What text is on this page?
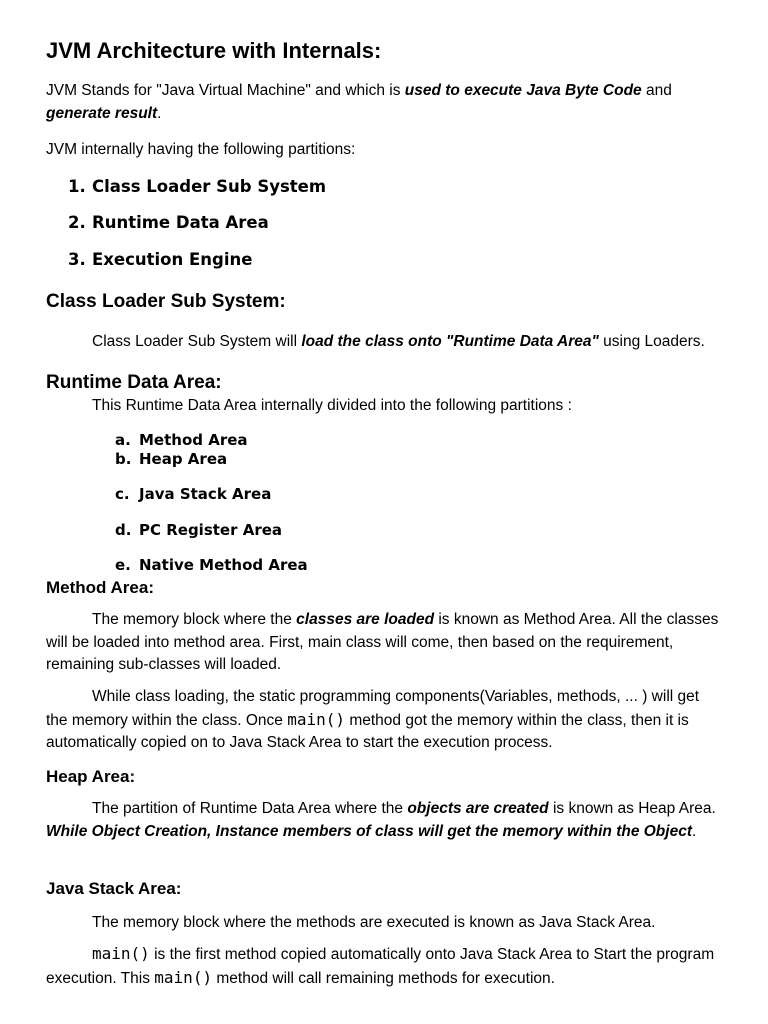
JVM Architecture with Internals:

JVM Stands for "Java Virtual Machine" and which is used to execute Java Byte Code and generate result.

JVM internally having the following partitions:

1. Class Loader Sub System
2. Runtime Data Area
3. Execution Engine
Class Loader Sub System:

Class Loader Sub System will load the class onto "Runtime Data Area" using Loaders.

Runtime Data Area:

This Runtime Data Area internally divided into the following partitions :

a. Method Area
b. Heap Area
c. Java Stack Area
d. PC Register Area
e. Native Method Area
Method Area:

The memory block where the classes are loaded is known as Method Area. All the classes will be loaded into method area. First, main class will come, then based on the requirement, remaining sub-classes will loaded.

While class loading, the static programming components(Variables, methods, ... ) will get the memory within the class. Once main() method got the memory within the class, then it is automatically copied on to Java Stack Area to start the execution process.

Heap Area:

The partition of Runtime Data Area where the objects are created is known as Heap Area. While Object Creation, Instance members of class will get the memory within the Object.

Java Stack Area:

The memory block where the methods are executed is known as Java Stack Area.

main() is the first method copied automatically onto Java Stack Area to Start the program execution. This main() method will call remaining methods for execution.
